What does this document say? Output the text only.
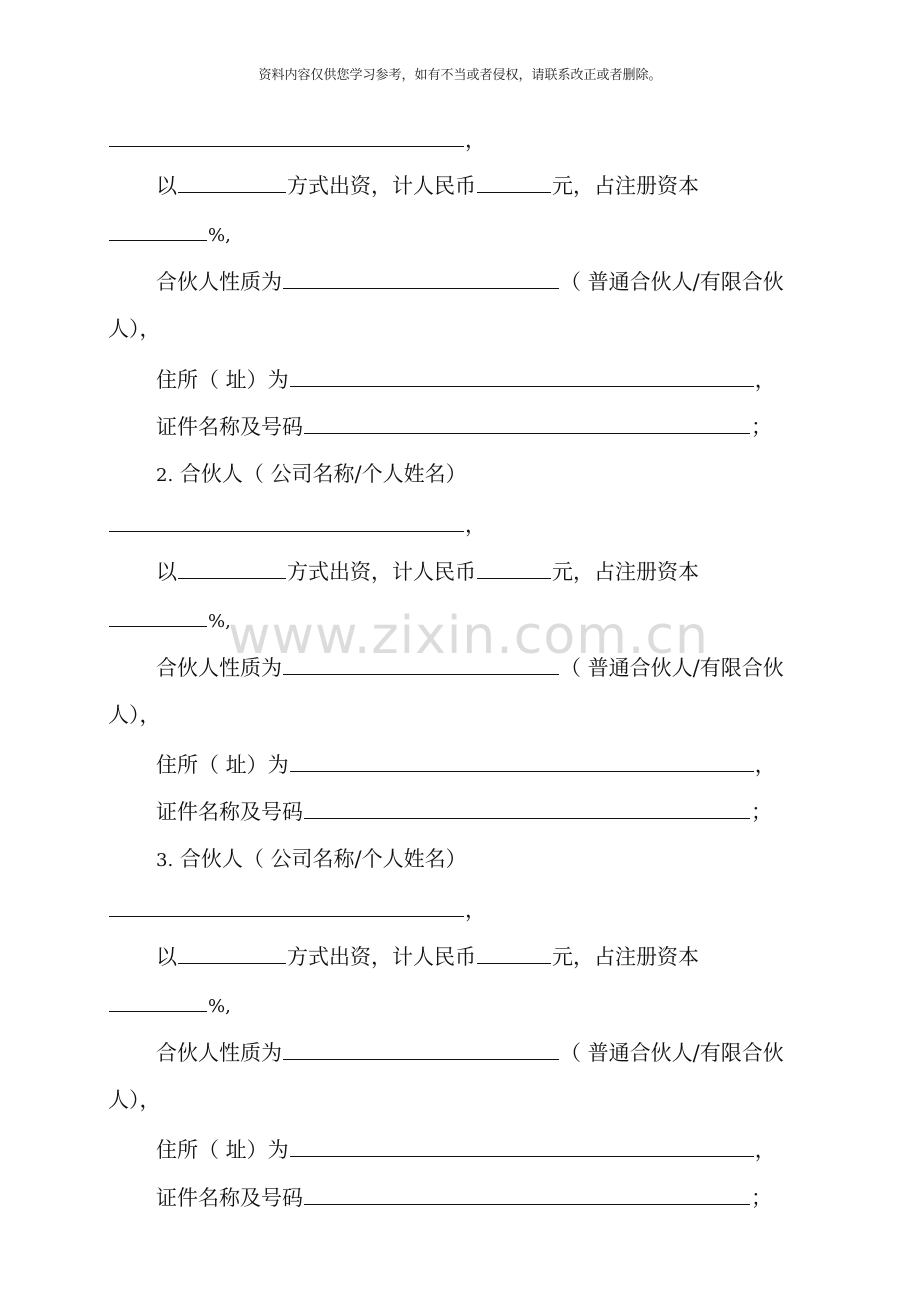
资料内容仅供您学习参考，如有不当或者侵权，请联系改正或者删除。
www.zixin.com.cn
，
以	方式出资，计人民币	元，占注册资本
%,
合伙人性质为	（ 普通合伙人/有限合伙
人），
住所（ 址）为	，
证件名称及号码	；
2. 合伙人（ 公司名称/个人姓名）
，
以	方式出资，计人民币	元，占注册资本
%,
合伙人性质为	（ 普通合伙人/有限合伙
人），
住所（ 址）为	，
证件名称及号码	；
3. 合伙人（ 公司名称/个人姓名）
，
以	方式出资，计人民币	元，占注册资本
%,
合伙人性质为	（ 普通合伙人/有限合伙
人），
住所（ 址）为	，
证件名称及号码	；
